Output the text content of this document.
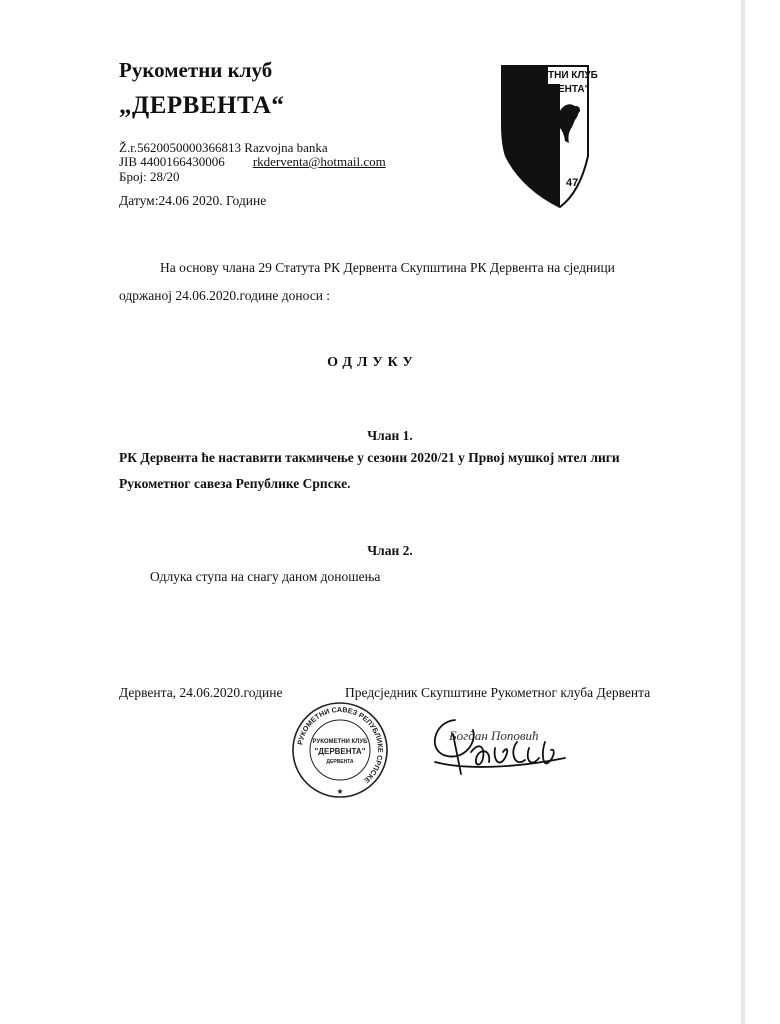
Рукометни клуб
„ДЕРВЕНТА“
Ž.r.5620050000366813 Razvojna banka
ЈIВ 4400166430006 rkderventa@hotmail.com
Број: 28/20
Датум:24.06 2020. Године
47
ТНИ КЛУБ
ЕНТА"
На основу члана 29 Статута РК Дервента Скупштина РК Дервента на сједници
одржаној 24.06.2020.године доноси :
ОДЛУКУ
Члан 1.
РК Дервента ће наставити такмичење у сезони 2020/21 у Првој мушкој мтел лиги
Рукометног савеза Републике Српске.
Члан 2.
Одлука ступа на снагу даном доношења
Дервента, 24.06.2020.године	Предсједник Скупштине Рукометног клуба Дервента
РУКОМЕТНИ САВЕЗ РЕПУБЛИКЕ СРПСКЕ
РУКОМЕТНИ КЛУБ
"ДЕРВЕНТА"
ДЕРВЕНТА
★
Богдан Поповић
